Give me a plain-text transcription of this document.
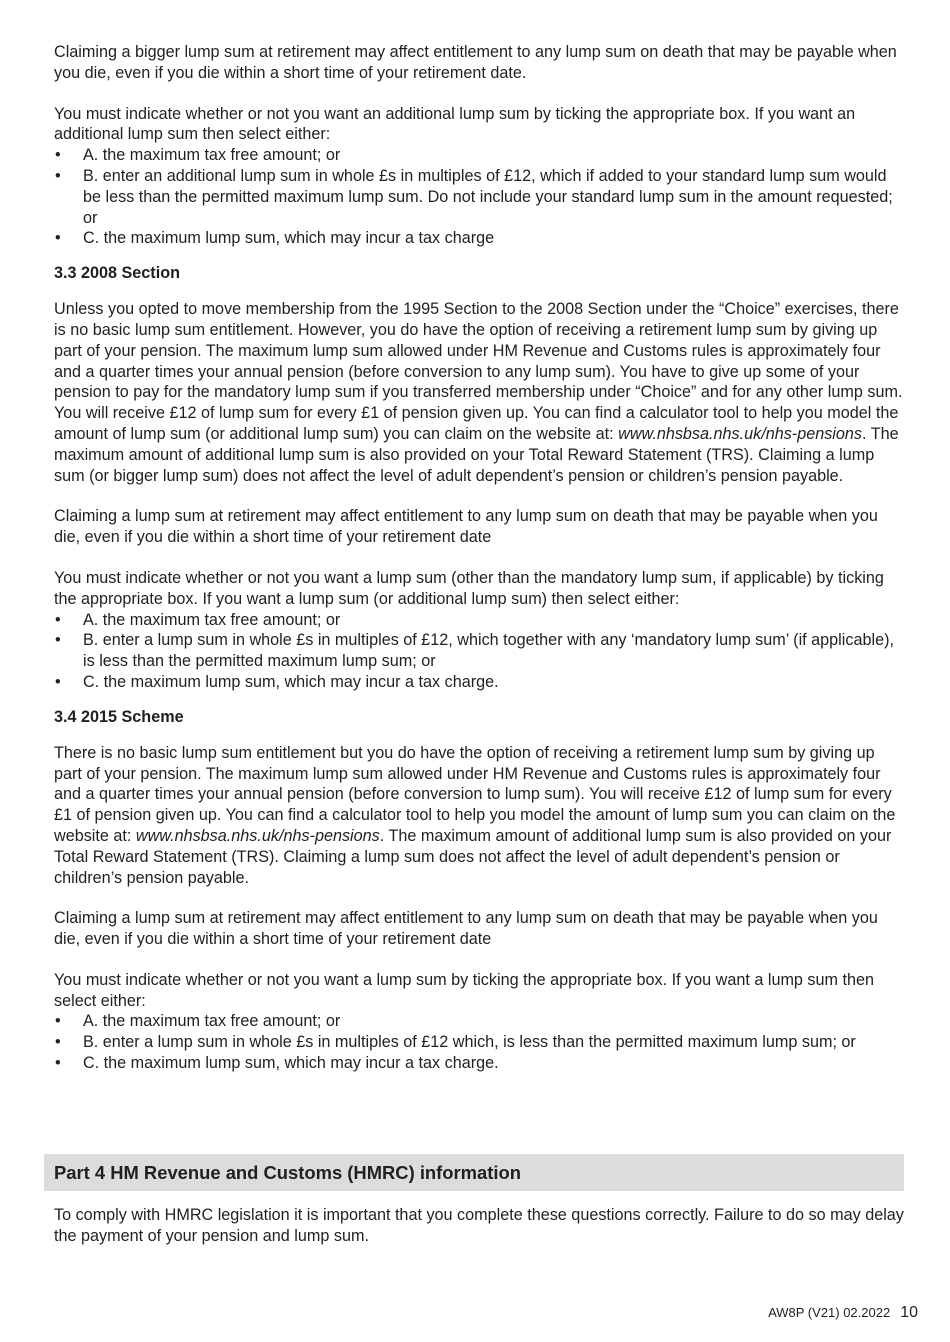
Claiming a bigger lump sum at retirement may affect entitlement to any lump sum on death that may be payable when you die, even if you die within a short time of your retirement date.

You must indicate whether or not you want an additional lump sum by ticking the appropriate box. If you want an additional lump sum then select either:

• A. the maximum tax free amount; or
• B. enter an additional lump sum in whole £s in multiples of £12, which if added to your standard lump sum would be less than the permitted maximum lump sum. Do not include your standard lump sum in the amount requested; or
• C. the maximum lump sum, which may incur a tax charge
3.3 2008 Section

Unless you opted to move membership from the 1995 Section to the 2008 Section under the “Choice” exercises, there is no basic lump sum entitlement. However, you do have the option of receiving a retirement lump sum by giving up part of your pension. The maximum lump sum allowed under HM Revenue and Customs rules is approximately four and a quarter times your annual pension (before conversion to any lump sum). You have to give up some of your pension to pay for the mandatory lump sum if you transferred membership under “Choice” and for any other lump sum. You will receive £12 of lump sum for every £1 of pension given up. You can find a calculator tool to help you model the amount of lump sum (or additional lump sum) you can claim on the website at: www.nhsbsa.nhs.uk/nhs-pensions. The maximum amount of additional lump sum is also provided on your Total Reward Statement (TRS). Claiming a lump sum (or bigger lump sum) does not affect the level of adult dependent’s pension or children’s pension payable.

Claiming a lump sum at retirement may affect entitlement to any lump sum on death that may be payable when you die, even if you die within a short time of your retirement date

You must indicate whether or not you want a lump sum (other than the mandatory lump sum, if applicable) by ticking the appropriate box. If you want a lump sum (or additional lump sum) then select either:

• A. the maximum tax free amount; or
• B. enter a lump sum in whole £s in multiples of £12, which together with any ‘mandatory lump sum’ (if applicable), is less than the permitted maximum lump sum; or
• C. the maximum lump sum, which may incur a tax charge.
3.4 2015 Scheme

There is no basic lump sum entitlement but you do have the option of receiving a retirement lump sum by giving up part of your pension. The maximum lump sum allowed under HM Revenue and Customs rules is approximately four and a quarter times your annual pension (before conversion to lump sum). You will receive £12 of lump sum for every £1 of pension given up. You can find a calculator tool to help you model the amount of lump sum you can claim on the website at: www.nhsbsa.nhs.uk/nhs-pensions. The maximum amount of additional lump sum is also provided on your Total Reward Statement (TRS). Claiming a lump sum does not affect the level of adult dependent’s pension or children’s pension payable.

Claiming a lump sum at retirement may affect entitlement to any lump sum on death that may be payable when you die, even if you die within a short time of your retirement date

You must indicate whether or not you want a lump sum by ticking the appropriate box. If you want a lump sum then select either:

• A. the maximum tax free amount; or
• B. enter a lump sum in whole £s in multiples of £12 which, is less than the permitted maximum lump sum; or
• C. the maximum lump sum, which may incur a tax charge.
Part 4 HM Revenue and Customs (HMRC) information

To comply with HMRC legislation it is important that you complete these questions correctly. Failure to do so may delay the payment of your pension and lump sum.

AW8P (V21) 02.2022 10
